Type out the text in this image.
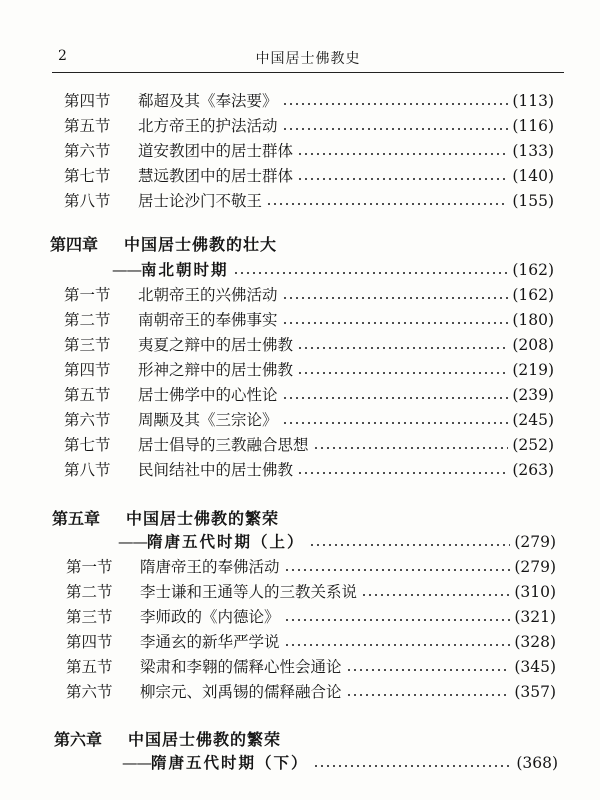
2	中国居士佛教史
第四节	郗超及其《奉法要》	(113)
第五节	北方帝王的护法活动	(116)
第六节	道安教团中的居士群体	(133)
第七节	慧远教团中的居士群体	(140)
第八节	居士论沙门不敬王	(155)
第四章 中国居士佛教的壮大
——南北朝时期	(162)
第一节	北朝帝王的兴佛活动	(162)
第二节	南朝帝王的奉佛事实	(180)
第三节	夷夏之辩中的居士佛教	(208)
第四节	形神之辩中的居士佛教	(219)
第五节	居士佛学中的心性论	(239)
第六节	周颙及其《三宗论》	(245)
第七节	居士倡导的三教融合思想	(252)
第八节	民间结社中的居士佛教	(263)
第五章 中国居士佛教的繁荣
——隋唐五代时期（上）	(279)
第一节	隋唐帝王的奉佛活动	(279)
第二节	李士谦和王通等人的三教关系说	(310)
第三节	李师政的《内德论》	(321)
第四节	李通玄的新华严学说	(328)
第五节	梁肃和李翱的儒释心性会通论	(345)
第六节	柳宗元、刘禹锡的儒释融合论	(357)
第六章 中国居士佛教的繁荣
——隋唐五代时期（下）	(368)
